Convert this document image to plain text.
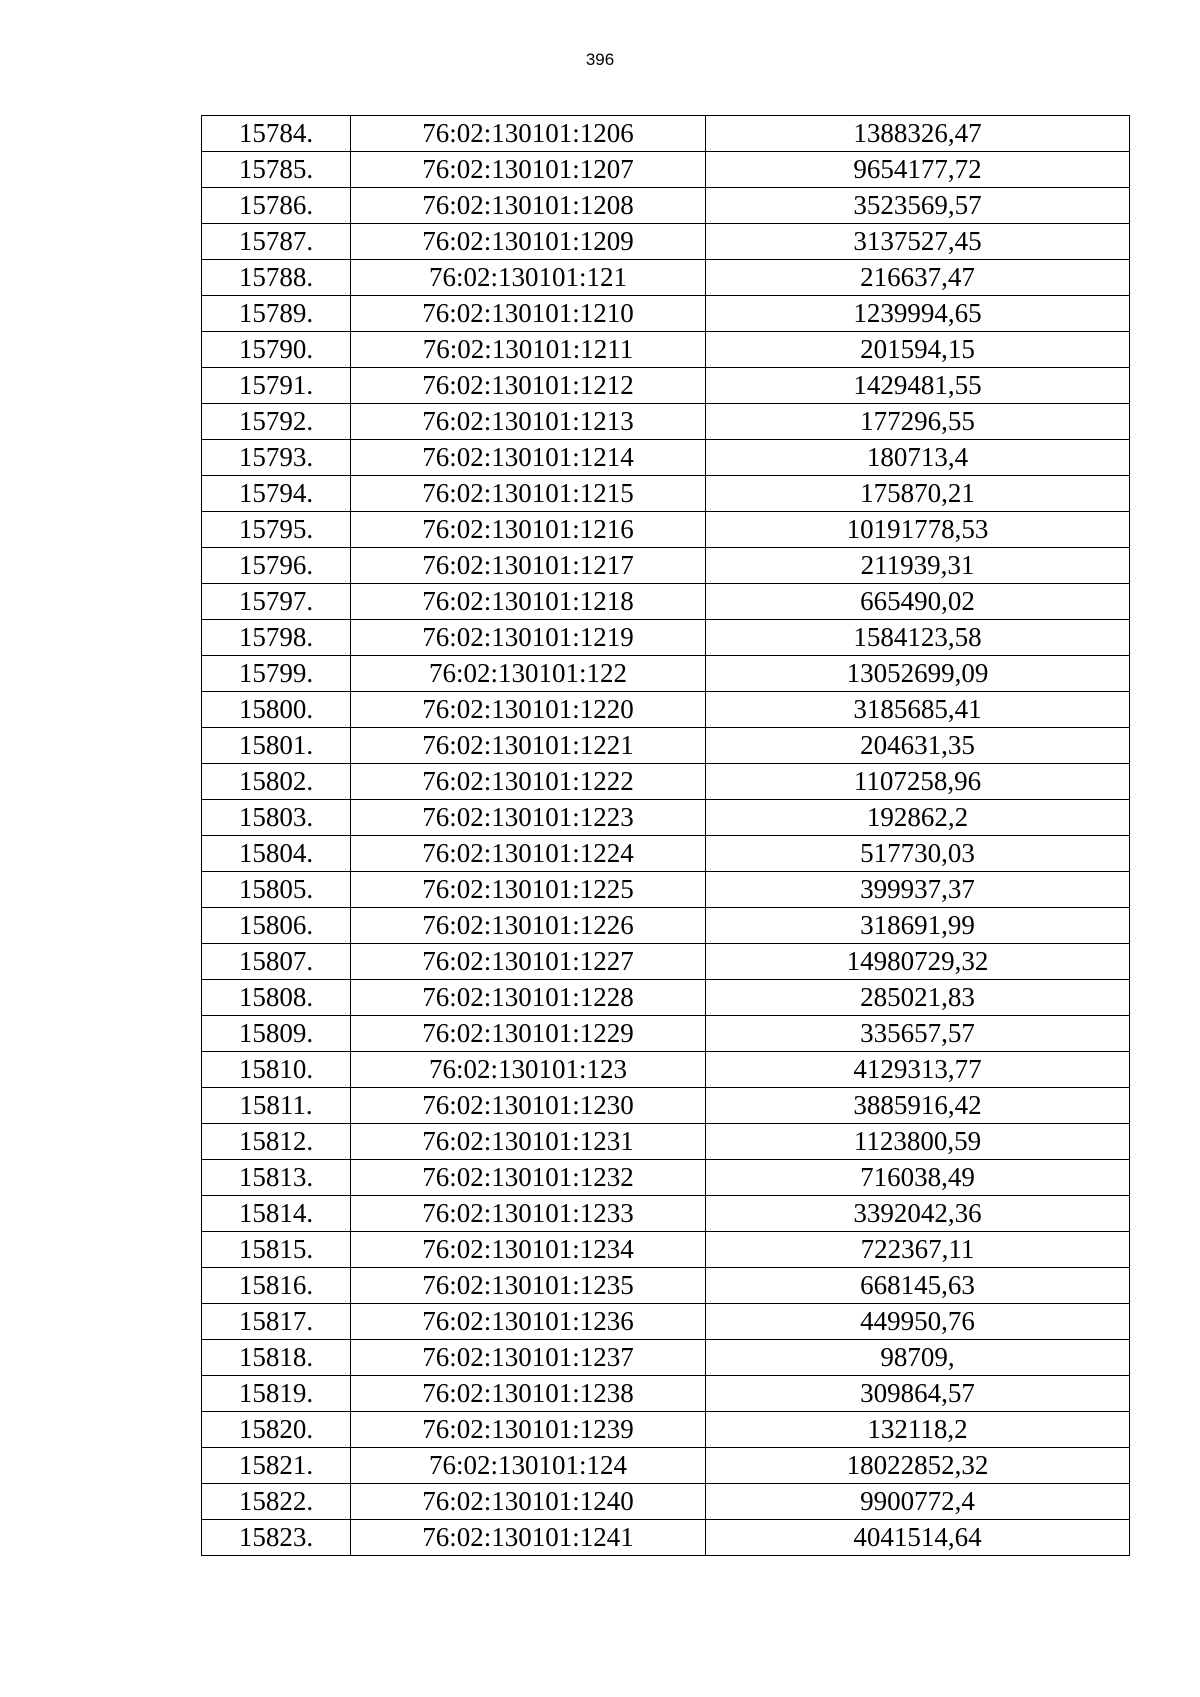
396
15784.	76:02:130101:1206	1388326,47
15785.	76:02:130101:1207	9654177,72
15786.	76:02:130101:1208	3523569,57
15787.	76:02:130101:1209	3137527,45
15788.	76:02:130101:121	216637,47
15789.	76:02:130101:1210	1239994,65
15790.	76:02:130101:1211	201594,15
15791.	76:02:130101:1212	1429481,55
15792.	76:02:130101:1213	177296,55
15793.	76:02:130101:1214	180713,4
15794.	76:02:130101:1215	175870,21
15795.	76:02:130101:1216	10191778,53
15796.	76:02:130101:1217	211939,31
15797.	76:02:130101:1218	665490,02
15798.	76:02:130101:1219	1584123,58
15799.	76:02:130101:122	13052699,09
15800.	76:02:130101:1220	3185685,41
15801.	76:02:130101:1221	204631,35
15802.	76:02:130101:1222	1107258,96
15803.	76:02:130101:1223	192862,2
15804.	76:02:130101:1224	517730,03
15805.	76:02:130101:1225	399937,37
15806.	76:02:130101:1226	318691,99
15807.	76:02:130101:1227	14980729,32
15808.	76:02:130101:1228	285021,83
15809.	76:02:130101:1229	335657,57
15810.	76:02:130101:123	4129313,77
15811.	76:02:130101:1230	3885916,42
15812.	76:02:130101:1231	1123800,59
15813.	76:02:130101:1232	716038,49
15814.	76:02:130101:1233	3392042,36
15815.	76:02:130101:1234	722367,11
15816.	76:02:130101:1235	668145,63
15817.	76:02:130101:1236	449950,76
15818.	76:02:130101:1237	98709,
15819.	76:02:130101:1238	309864,57
15820.	76:02:130101:1239	132118,2
15821.	76:02:130101:124	18022852,32
15822.	76:02:130101:1240	9900772,4
15823.	76:02:130101:1241	4041514,64
